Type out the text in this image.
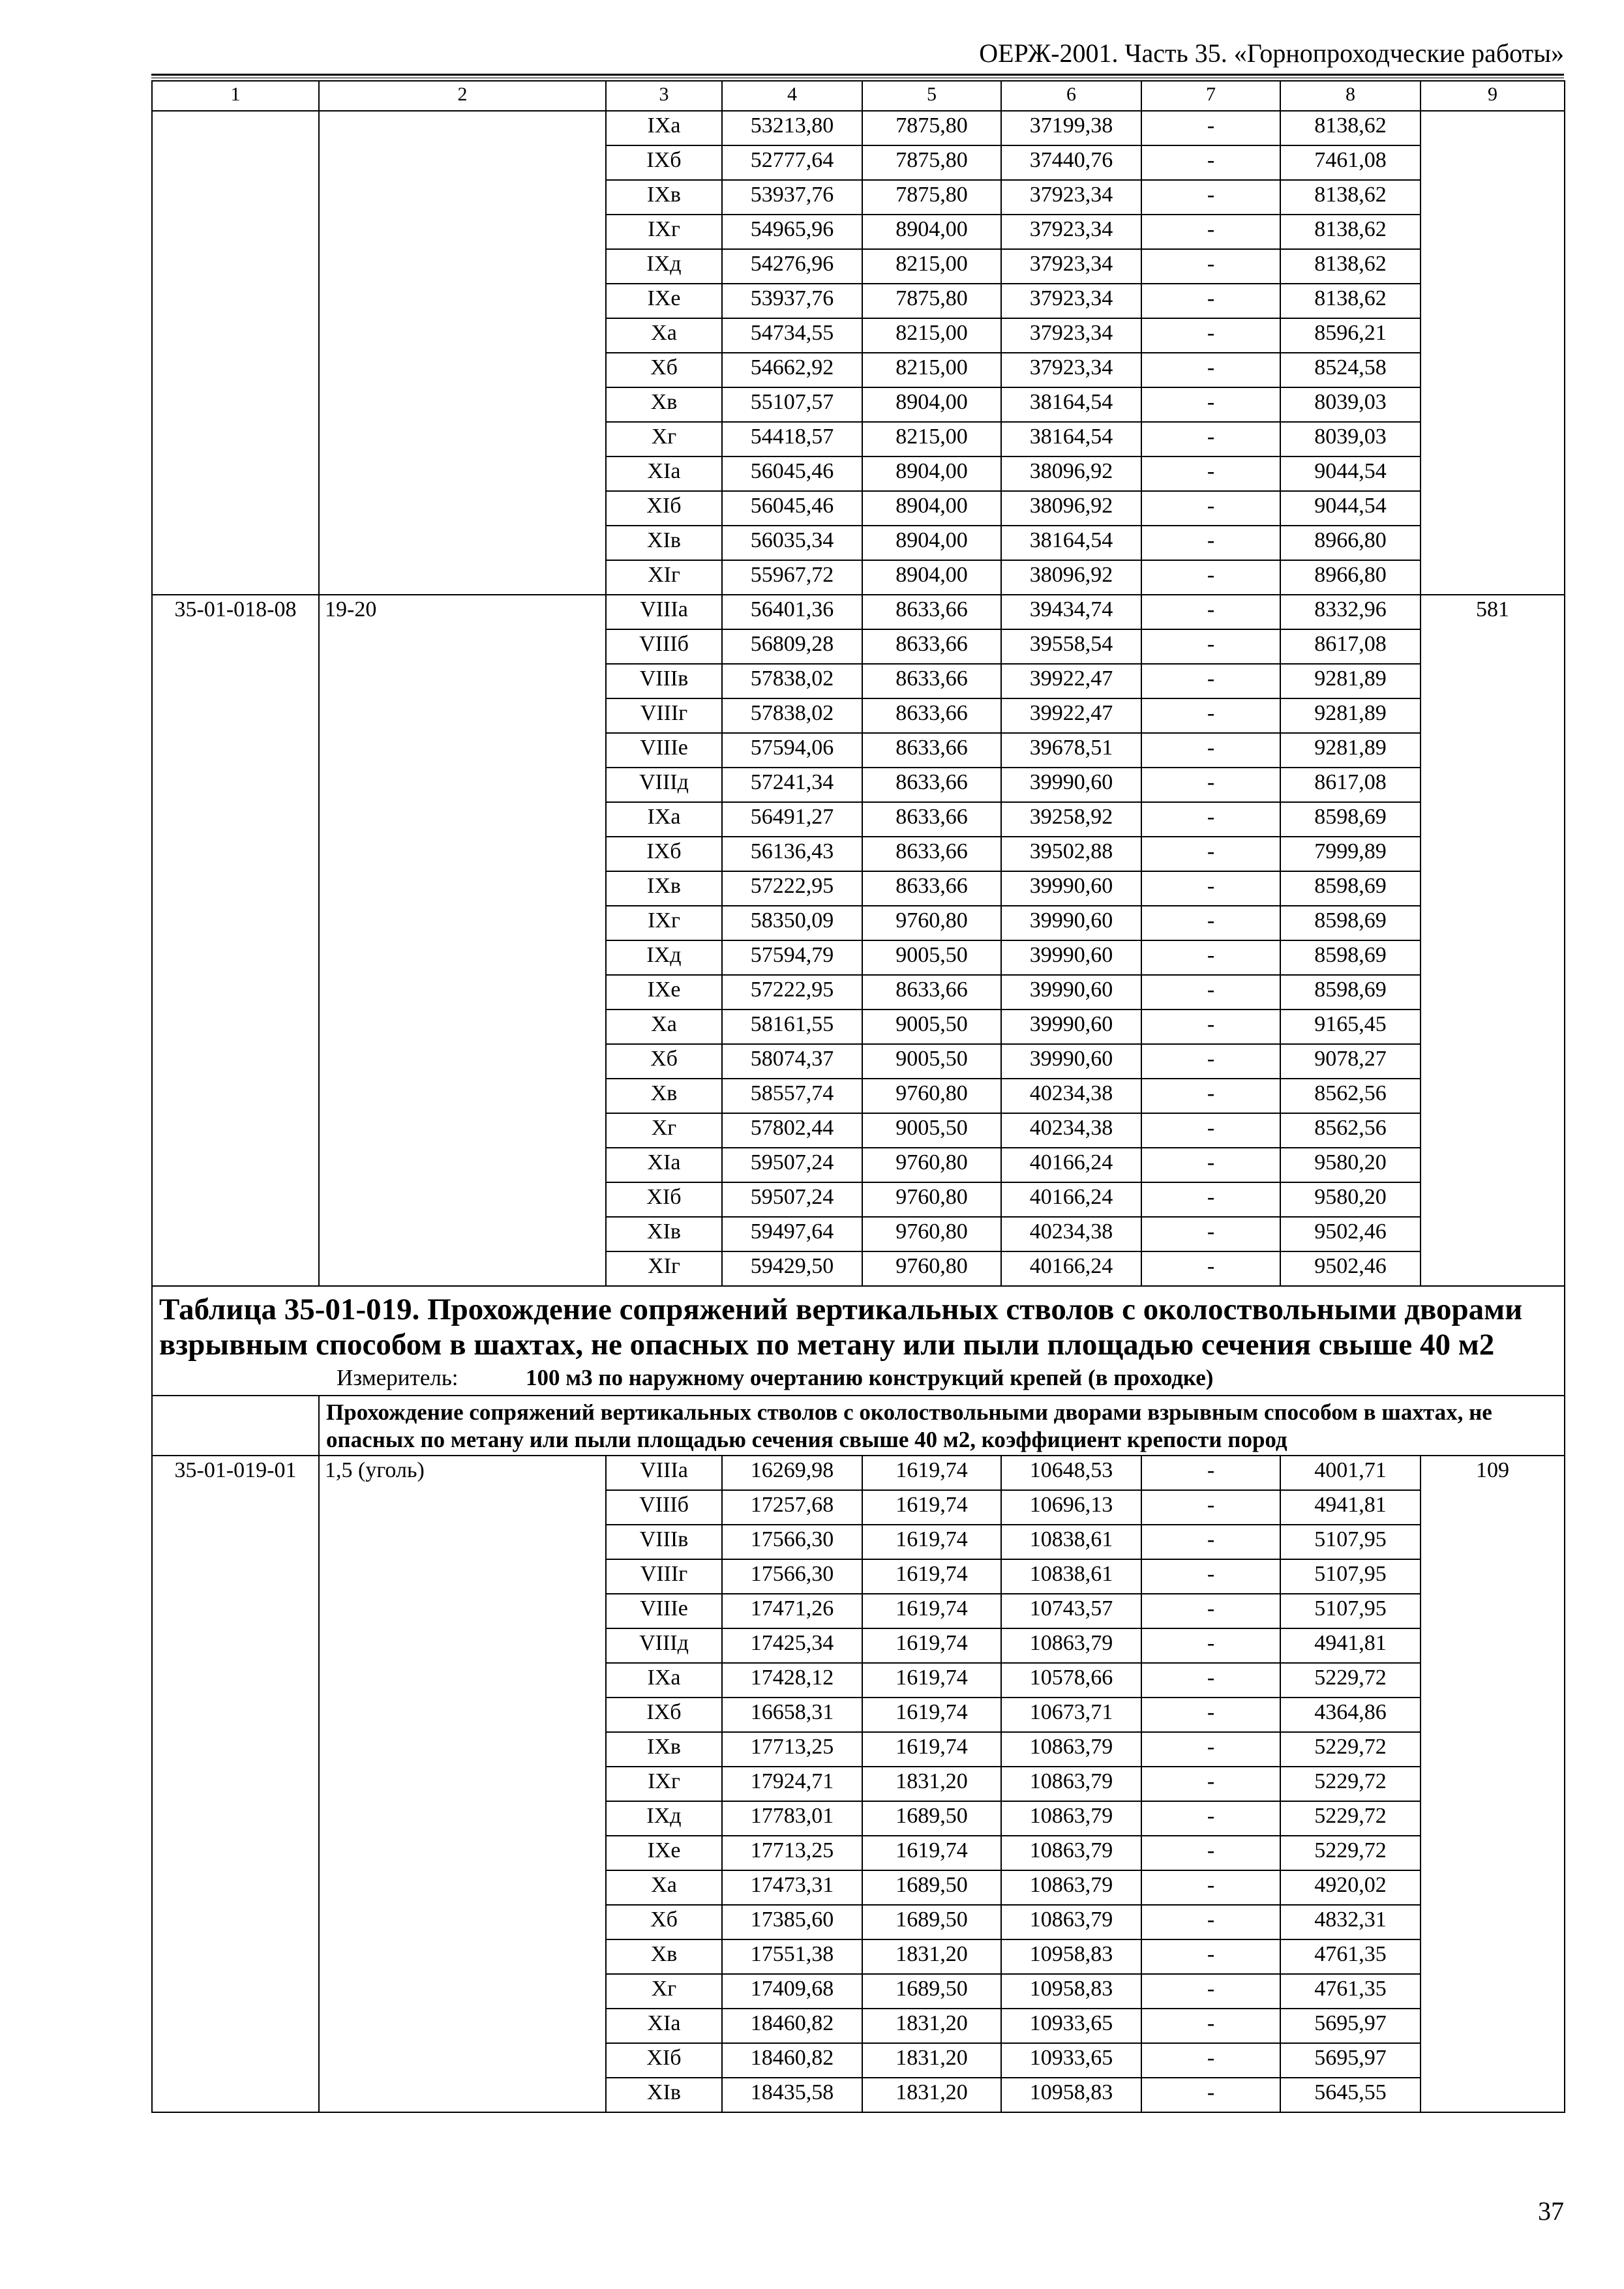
ОЕРЖ-2001. Часть 35. «Горнопроходческие работы»
1	2	3	4	5	6	7	8	9
		IXа	53213,80	7875,80	37199,38	-	8138,62	
		IXб	52777,64	7875,80	37440,76	-	7461,08	
		IXв	53937,76	7875,80	37923,34	-	8138,62	
		IXг	54965,96	8904,00	37923,34	-	8138,62	
		IXд	54276,96	8215,00	37923,34	-	8138,62	
		IXе	53937,76	7875,80	37923,34	-	8138,62	
		Xа	54734,55	8215,00	37923,34	-	8596,21	
		Xб	54662,92	8215,00	37923,34	-	8524,58	
		Xв	55107,57	8904,00	38164,54	-	8039,03	
		Xг	54418,57	8215,00	38164,54	-	8039,03	
		XIа	56045,46	8904,00	38096,92	-	9044,54	
		XIб	56045,46	8904,00	38096,92	-	9044,54	
		XIв	56035,34	8904,00	38164,54	-	8966,80	
		XIг	55967,72	8904,00	38096,92	-	8966,80	
35-01-018-08	19-20	VIIIа	56401,36	8633,66	39434,74	-	8332,96	581
		VIIIб	56809,28	8633,66	39558,54	-	8617,08	
		VIIIв	57838,02	8633,66	39922,47	-	9281,89	
		VIIIг	57838,02	8633,66	39922,47	-	9281,89	
		VIIIе	57594,06	8633,66	39678,51	-	9281,89	
		VIIIд	57241,34	8633,66	39990,60	-	8617,08	
		IXа	56491,27	8633,66	39258,92	-	8598,69	
		IXб	56136,43	8633,66	39502,88	-	7999,89	
		IXв	57222,95	8633,66	39990,60	-	8598,69	
		IXг	58350,09	9760,80	39990,60	-	8598,69	
		IXд	57594,79	9005,50	39990,60	-	8598,69	
		IXе	57222,95	8633,66	39990,60	-	8598,69	
		Xа	58161,55	9005,50	39990,60	-	9165,45	
		Xб	58074,37	9005,50	39990,60	-	9078,27	
		Xв	58557,74	9760,80	40234,38	-	8562,56	
		Xг	57802,44	9005,50	40234,38	-	8562,56	
		XIа	59507,24	9760,80	40166,24	-	9580,20	
		XIб	59507,24	9760,80	40166,24	-	9580,20	
		XIв	59497,64	9760,80	40234,38	-	9502,46	
		XIг	59429,50	9760,80	40166,24	-	9502,46	

Таблица 35-01-019. Прохождение сопряжений вертикальных стволов с околоствольными дворами взрывным способом в шахтах, не опасных по метану или пыли площадью сечения свыше 40 м2
Измеритель: 100 м3 по наружному очертанию конструкций крепей (в проходке)								

	Прохождение сопряжений вертикальных стволов с околоствольными дворами взрывным способом в шахтах, не опасных по метану или пыли площадью сечения свыше 40 м2, коэффициент крепости пород							
35-01-019-01	1,5 (уголь)	VIIIа	16269,98	1619,74	10648,53	-	4001,71	109
		VIIIб	17257,68	1619,74	10696,13	-	4941,81	
		VIIIв	17566,30	1619,74	10838,61	-	5107,95	
		VIIIг	17566,30	1619,74	10838,61	-	5107,95	
		VIIIе	17471,26	1619,74	10743,57	-	5107,95	
		VIIIд	17425,34	1619,74	10863,79	-	4941,81	
		IXа	17428,12	1619,74	10578,66	-	5229,72	
		IXб	16658,31	1619,74	10673,71	-	4364,86	
		IXв	17713,25	1619,74	10863,79	-	5229,72	
		IXг	17924,71	1831,20	10863,79	-	5229,72	
		IXд	17783,01	1689,50	10863,79	-	5229,72	
		IXе	17713,25	1619,74	10863,79	-	5229,72	
		Xа	17473,31	1689,50	10863,79	-	4920,02	
		Xб	17385,60	1689,50	10863,79	-	4832,31	
		Xв	17551,38	1831,20	10958,83	-	4761,35	
		Xг	17409,68	1689,50	10958,83	-	4761,35	
		XIа	18460,82	1831,20	10933,65	-	5695,97	
		XIб	18460,82	1831,20	10933,65	-	5695,97	
		XIв	18435,58	1831,20	10958,83	-	5645,55	
37
